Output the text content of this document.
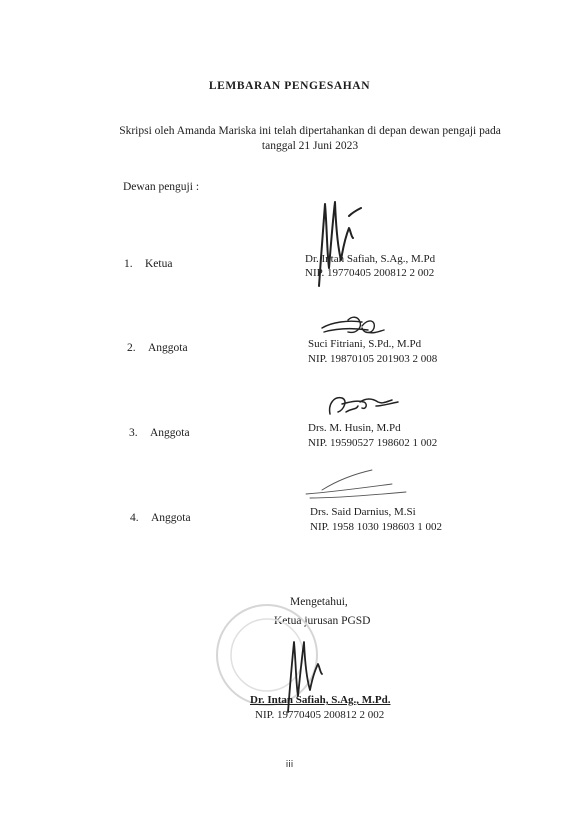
LEMBARAN PENGESAHAN
Skripsi oleh Amanda Mariska ini telah dipertahankan di depan dewan pengaji pada
tanggal 21 Juni 2023
Dewan penguji :
1. Ketua	Dr. Intan Safiah, S.Ag., M.Pd
NIP. 19770405 200812 2 002
2. Anggota	Suci Fitriani, S.Pd., M.Pd
NIP. 19870105 201903 2 008
3. Anggota	Drs. M. Husin, M.Pd
NIP. 19590527 198602 1 002
4. Anggota	Drs. Said Darnius, M.Si
NIP. 1958 1030 198603 1 002
Mengetahui,
Ketua jurusan PGSD
Dr. Intan Safiah, S.Ag., M.Pd.
NIP. 19770405 200812 2 002
iii
